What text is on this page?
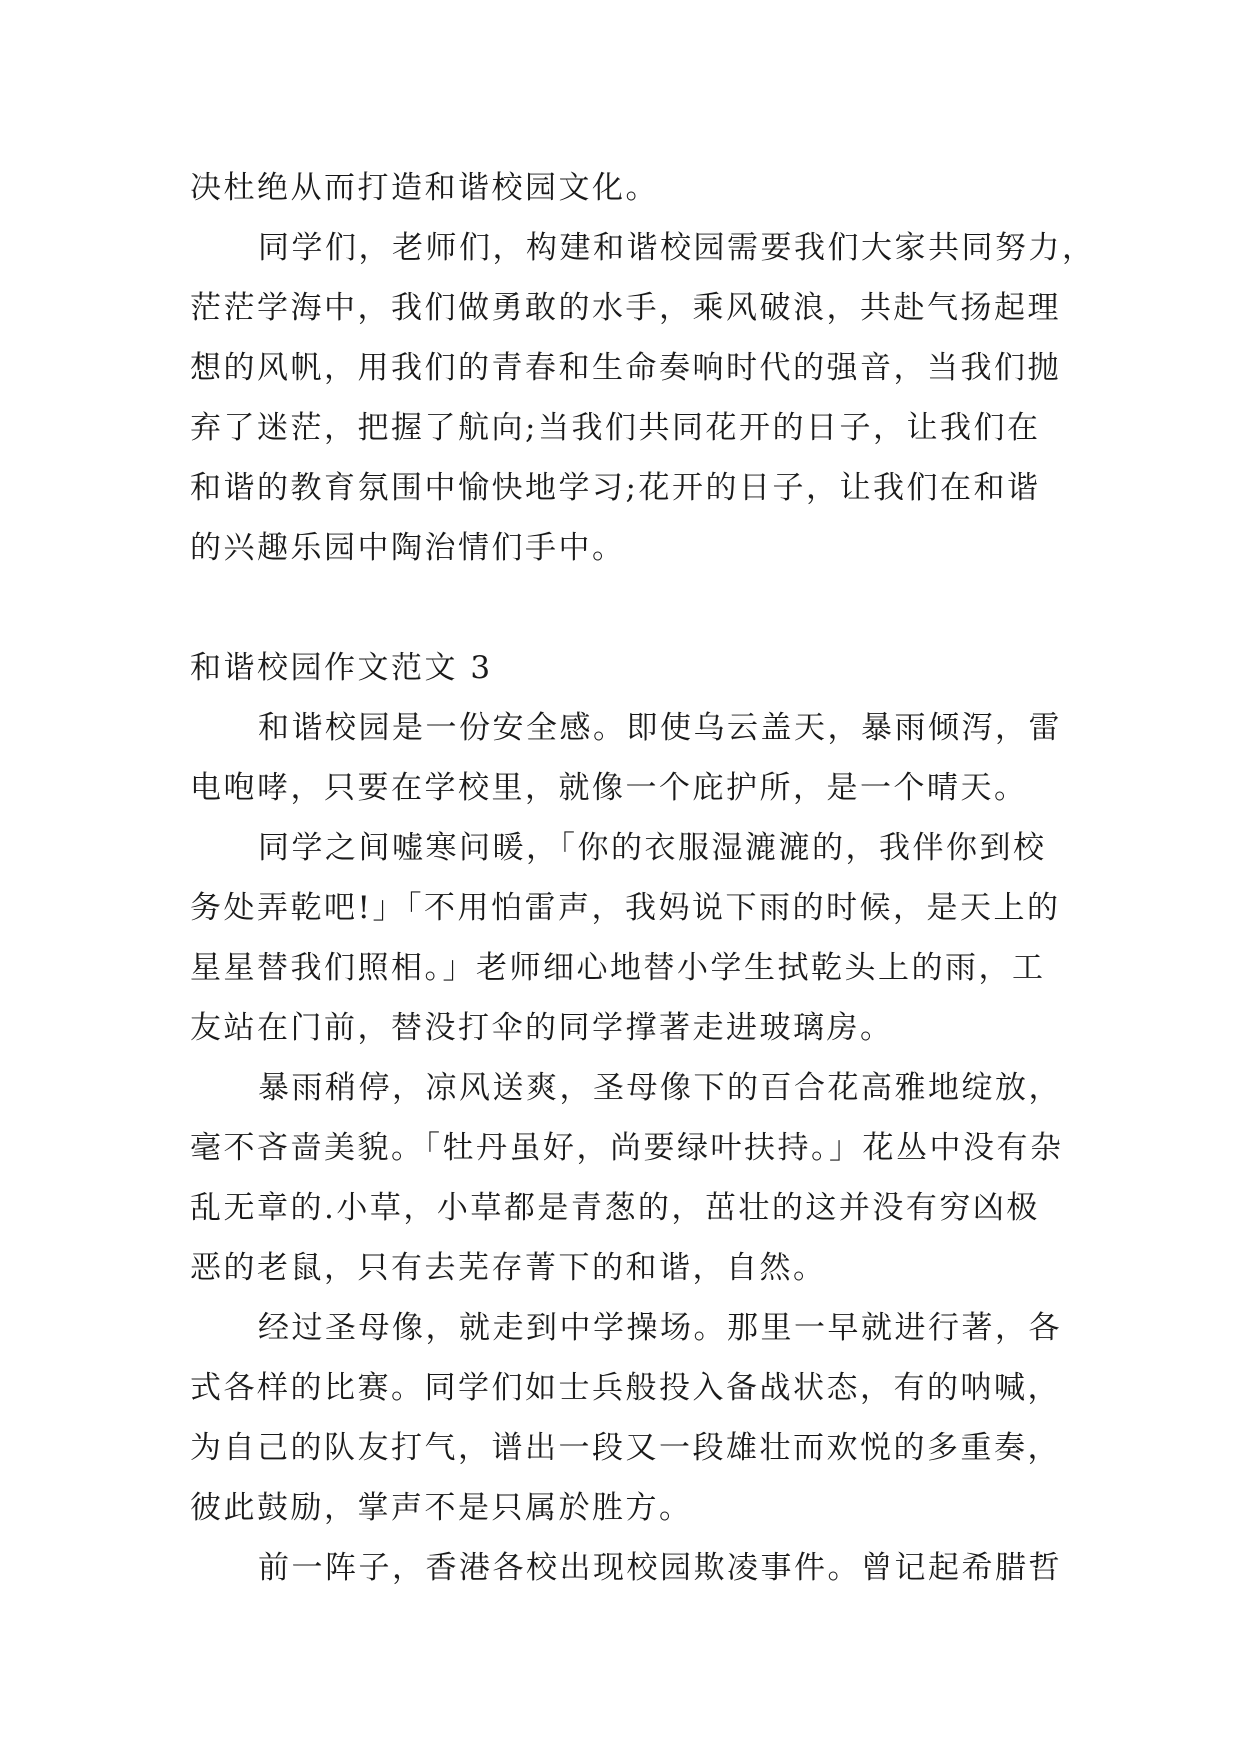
决杜绝从而打造和谐校园文化。
同学们，老师们，构建和谐校园需要我们大家共同努力，
茫茫学海中，我们做勇敢的水手，乘风破浪，共赴气扬起理
想的风帆，用我们的青春和生命奏响时代的强音，当我们抛
弃了迷茫，把握了航向;当我们共同花开的日子，让我们在
和谐的教育氛围中愉快地学习;花开的日子，让我们在和谐
的兴趣乐园中陶治情们手中。
和谐校园作文范文 3
和谐校园是一份安全感。即使乌云盖天，暴雨倾泻，雷
电咆哮，只要在学校里，就像一个庇护所，是一个晴天。
同学之间嘘寒问暖，「你的衣服湿漉漉的，我伴你到校
务处弄乾吧!」「不用怕雷声，我妈说下雨的时候，是天上的
星星替我们照相。」老师细心地替小学生拭乾头上的雨，工
友站在门前，替没打伞的同学撑著走进玻璃房。
暴雨稍停，凉风送爽，圣母像下的百合花高雅地绽放，
毫不吝啬美貌。「牡丹虽好，尚要绿叶扶持。」花丛中没有杂
乱无章的.小草，小草都是青葱的，茁壮的这并没有穷凶极
恶的老鼠，只有去芜存菁下的和谐，自然。
经过圣母像，就走到中学操场。那里一早就进行著，各
式各样的比赛。同学们如士兵般投入备战状态，有的呐喊，
为自己的队友打气，谱出一段又一段雄壮而欢悦的多重奏，
彼此鼓励，掌声不是只属於胜方。
前一阵子，香港各校出现校园欺凌事件。曾记起希腊哲
